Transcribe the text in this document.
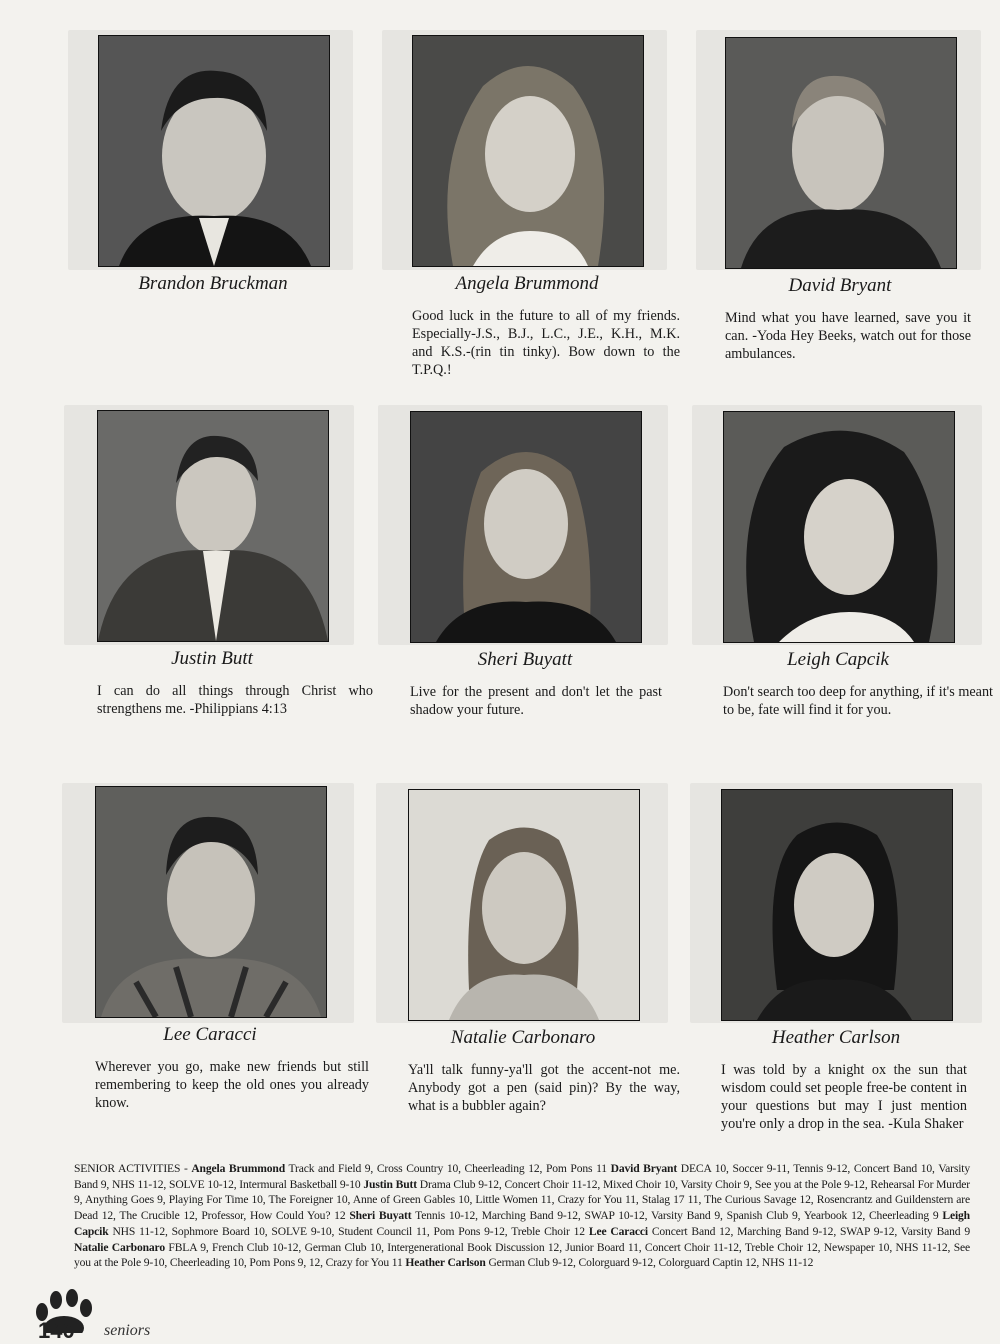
Brandon Bruckman	Angela Brummond
Good luck in the future to all of my friends. Especially-J.S., B.J., L.C., J.E., K.H., M.K. and K.S.-(rin tin tinky). Bow down to the T.P.Q.!
David Bryant
Mind what you have learned, save you it can. -Yoda Hey Beeks, watch out for those ambulances.
Justin Butt
I can do all things through Christ who strengthens me. -Philippians 4:13
Sheri Buyatt
Live for the present and don't let the past shadow your future.
Leigh Capcik
Don't search too deep for anything, if it's meant to be, fate will find it for you.
Lee Caracci
Wherever you go, make new friends but still remembering to keep the old ones you already know.
Natalie Carbonaro
Ya'll talk funny-ya'll got the accent-not me. Anybody got a pen (said pin)? By the way, what is a bubbler again?
Heather Carlson
I was told by a knight ox the sun that wisdom could set people free-be content in your questions but may I just mention you're only a drop in the sea. -Kula Shaker
SENIOR ACTIVITIES - Angela Brummond Track and Field 9, Cross Country 10, Cheerleading 12, Pom Pons 11 David Bryant DECA 10, Soccer 9-11, Tennis 9-12, Concert Band 10, Varsity Band 9, NHS 11-12, SOLVE 10-12, Intermural Basketball 9-10 Justin Butt Drama Club 9-12, Concert Choir 11-12, Mixed Choir 10, Varsity Choir 9, See you at the Pole 9-12, Rehearsal For Murder 9, Anything Goes 9, Playing For Time 10, The Foreigner 10, Anne of Green Gables 10, Little Women 11, Crazy for You 11, Stalag 17 11, The Curious Savage 12, Rosencrantz and Guildenstern are Dead 12, The Crucible 12, Professor, How Could You? 12 Sheri Buyatt Tennis 10-12, Marching Band 9-12, SWAP 10-12, Varsity Band 9, Spanish Club 9, Yearbook 12, Cheerleading 9 Leigh Capcik NHS 11-12, Sophmore Board 10, SOLVE 9-10, Student Council 11, Pom Pons 9-12, Treble Choir 12 Lee Caracci Concert Band 12, Marching Band 9-12, SWAP 9-12, Varsity Band 9 Natalie Carbonaro FBLA 9, French Club 10-12, German Club 10, Intergenerational Book Discussion 12, Junior Board 11, Concert Choir 11-12, Treble Choir 12, Newspaper 10, NHS 11-12, See you at the Pole 9-10, Cheerleading 10, Pom Pons 9, 12, Crazy for You 11 Heather Carlson German Club 9-12, Colorguard 9-12, Colorguard Captin 12, NHS 11-12
140 seniors
